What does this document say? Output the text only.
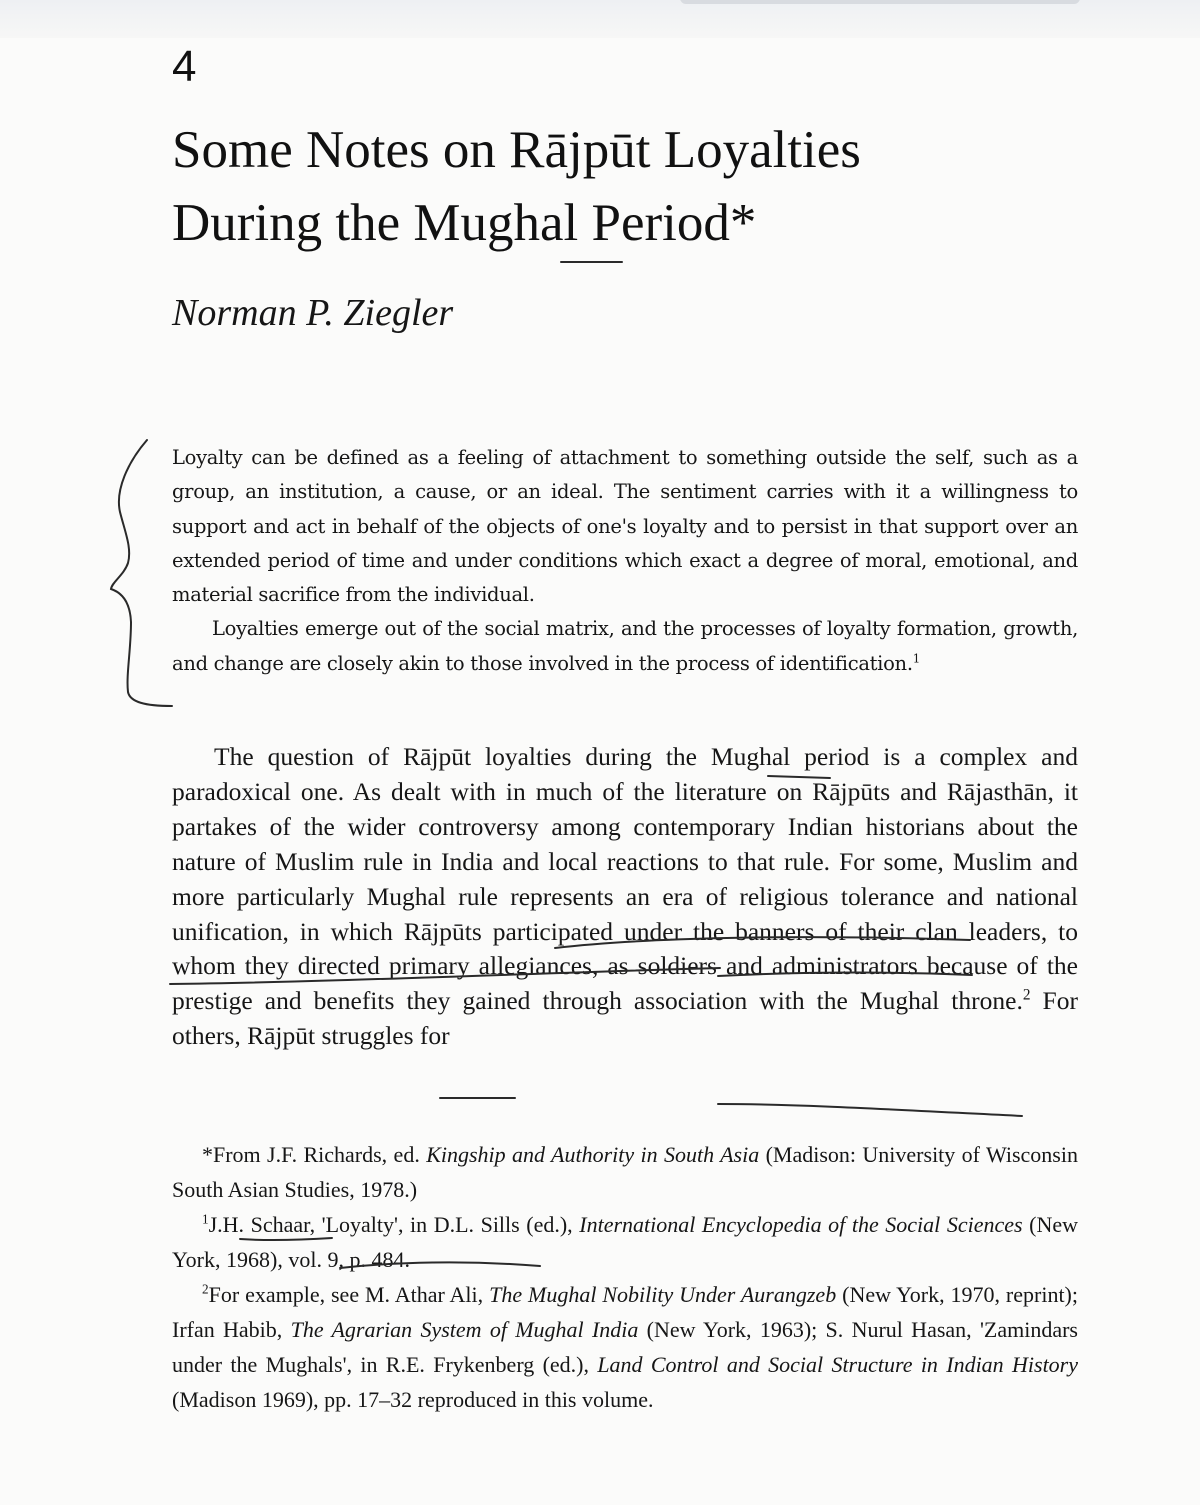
4
Some Notes on Rājpūt Loyalties
During the Mughal Period*
Norman P. Ziegler

Loyalty can be defined as a feeling of attachment to something outside the self, such as a group, an institution, a cause, or an ideal. The sentiment carries with it a willingness to support and act in behalf of the objects of one's loyalty and to persist in that support over an extended period of time and under conditions which exact a degree of moral, emotional, and material sacrifice from the individual.

Loyalties emerge out of the social matrix, and the processes of loyalty formation, growth, and change are closely akin to those involved in the process of identification.$^1$

The question of Rājpūt loyalties during the Mughal period is a complex and paradoxical one. As dealt with in much of the literature on Rājpūts and Rājasthān, it partakes of the wider controversy among contemporary Indian historians about the nature of Muslim rule in India and local reactions to that rule. For some, Muslim and more particularly Mughal rule represents an era of religious tolerance and national unification, in which Rājpūts participated under the banners of their clan leaders, to whom they directed primary allegiances, as soldiers and administrators because of the prestige and benefits they gained through association with the Mughal throne.$^2$ For others, Rājpūt struggles for

*From J.F. Richards, ed. Kingship and Authority in South Asia (Madison: University of Wisconsin South Asian Studies, 1978.)

$^1$J.H. Schaar, 'Loyalty', in D.L. Sills (ed.), International Encyclopedia of the Social Sciences (New York, 1968), vol. 9, p. 484.

$^2$For example, see M. Athar Ali, The Mughal Nobility Under Aurangzeb (New York, 1970, reprint); Irfan Habib, The Agrarian System of Mughal India (New York, 1963); S. Nurul Hasan, 'Zamindars under the Mughals', in R.E. Frykenberg (ed.), Land Control and Social Structure in Indian History (Madison 1969), pp. 17–32 reproduced in this volume.
